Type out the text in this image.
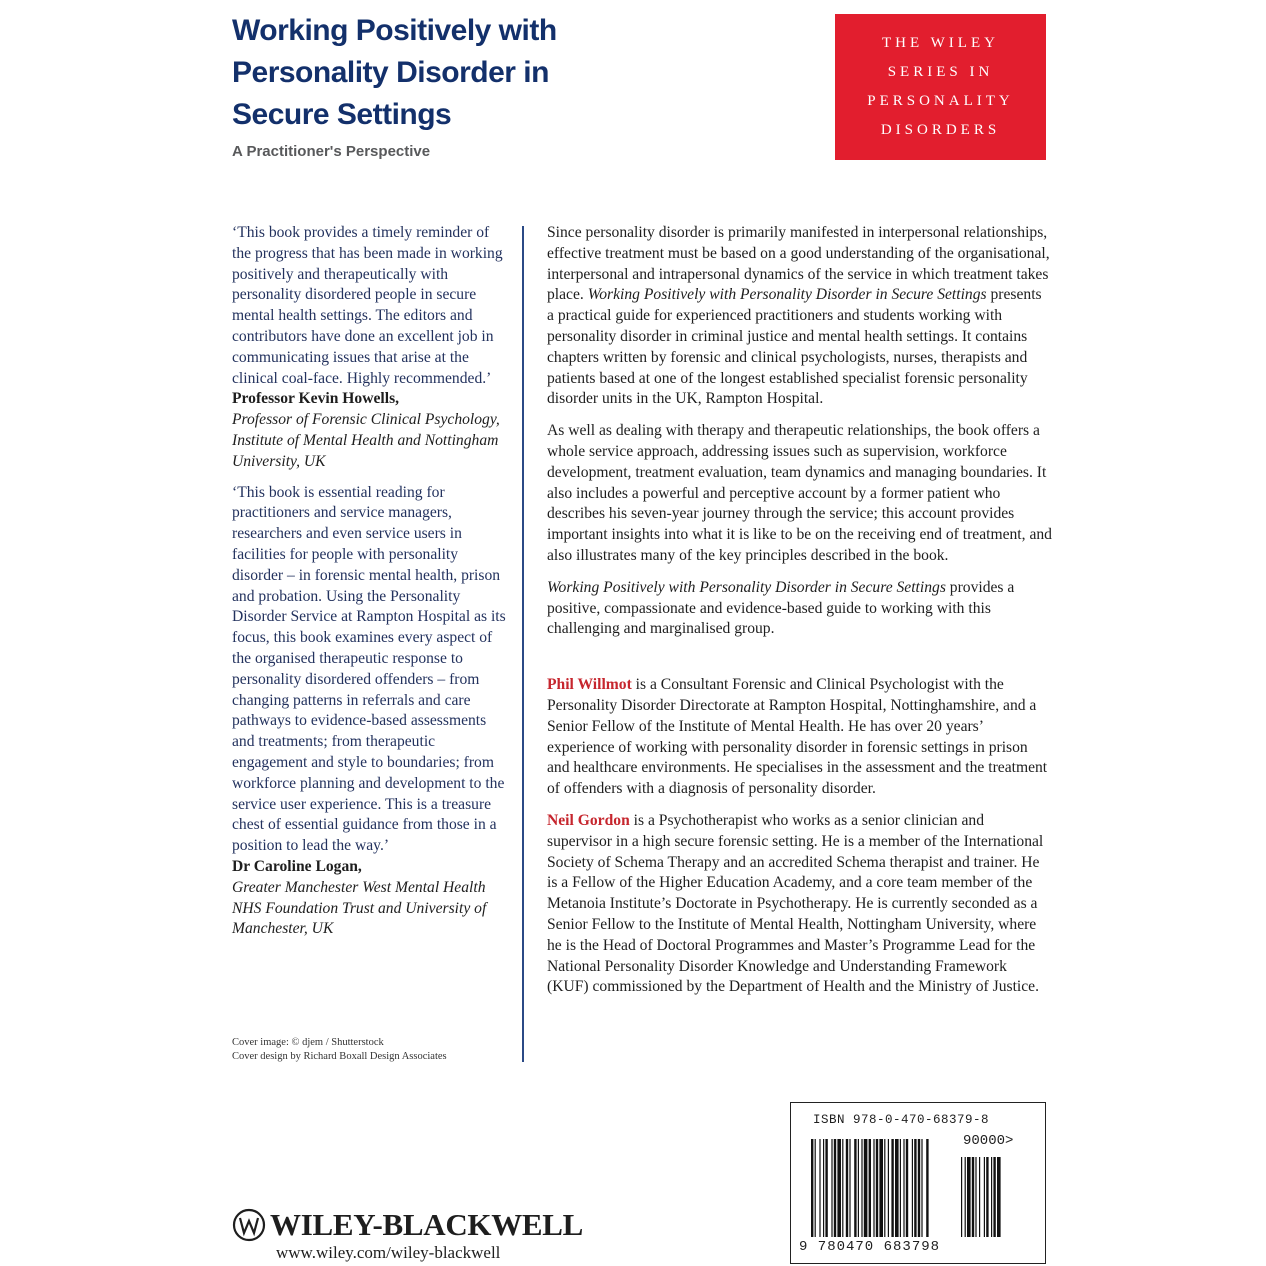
Working Positively with
Personality Disorder in
Secure Settings
A Practitioner's Perspective
THE WILEY
SERIES IN
PERSONALITY
DISORDERS

‘This book provides a timely reminder of the progress that has been made in working positively and therapeutically with personality disordered people in secure mental health settings. The editors and contributors have done an excellent job in communicating issues that arise at the clinical coal-face. Highly recommended.’

Professor Kevin Howells,

Professor of Forensic Clinical Psychology, Institute of Mental Health and Nottingham University, UK

‘This book is essential reading for practitioners and service managers, researchers and even service users in facilities for people with personality disorder – in forensic mental health, prison and probation. Using the Personality Disorder Service at Rampton Hospital as its focus, this book examines every aspect of the organised therapeutic response to personality disordered offenders – from changing patterns in referrals and care pathways to evidence-based assessments and treatments; from therapeutic engagement and style to boundaries; from workforce planning and development to the service user experience. This is a treasure chest of essential guidance from those in a position to lead the way.’

Dr Caroline Logan,

Greater Manchester West Mental Health NHS Foundation Trust and University of Manchester, UK

Cover image: © djem / Shutterstock
Cover design by Richard Boxall Design Associates

Since personality disorder is primarily manifested in interpersonal relationships, effective treatment must be based on a good understanding of the organisational, interpersonal and intrapersonal dynamics of the service in which treatment takes place. Working Positively with Personality Disorder in Secure Settings presents a practical guide for experienced practitioners and students working with personality disorder in criminal justice and mental health settings. It contains chapters written by forensic and clinical psychologists, nurses, therapists and patients based at one of the longest established specialist forensic personality disorder units in the UK, Rampton Hospital.

As well as dealing with therapy and therapeutic relationships, the book offers a whole service approach, addressing issues such as supervision, workforce development, treatment evaluation, team dynamics and managing boundaries. It also includes a powerful and perceptive account by a former patient who describes his seven-year journey through the service; this account provides important insights into what it is like to be on the receiving end of treatment, and also illustrates many of the key principles described in the book.

Working Positively with Personality Disorder in Secure Settings provides a positive, compassionate and evidence-based guide to working with this challenging and marginalised group.

Phil Willmot is a Consultant Forensic and Clinical Psychologist with the Personality Disorder Directorate at Rampton Hospital, Nottinghamshire, and a Senior Fellow of the Institute of Mental Health. He has over 20 years’ experience of working with personality disorder in forensic settings in prison and healthcare environments. He specialises in the assessment and the treatment of offenders with a diagnosis of personality disorder.

Neil Gordon is a Psychotherapist who works as a senior clinician and supervisor in a high secure forensic setting. He is a member of the International Society of Schema Therapy and an accredited Schema therapist and trainer. He is a Fellow of the Higher Education Academy, and a core team member of the Metanoia Institute’s Doctorate in Psychotherapy. He is currently seconded as a Senior Fellow to the Institute of Mental Health, Nottingham University, where he is the Head of Doctoral Programmes and Master’s Programme Lead for the National Personality Disorder Knowledge and Understanding Framework (KUF) commissioned by the Department of Health and the Ministry of Justice.

ISBN 978-0-470-68379-8
90000>
9 780470 683798
WILEY-BLACKWELL
www.wiley.com/wiley-blackwell
